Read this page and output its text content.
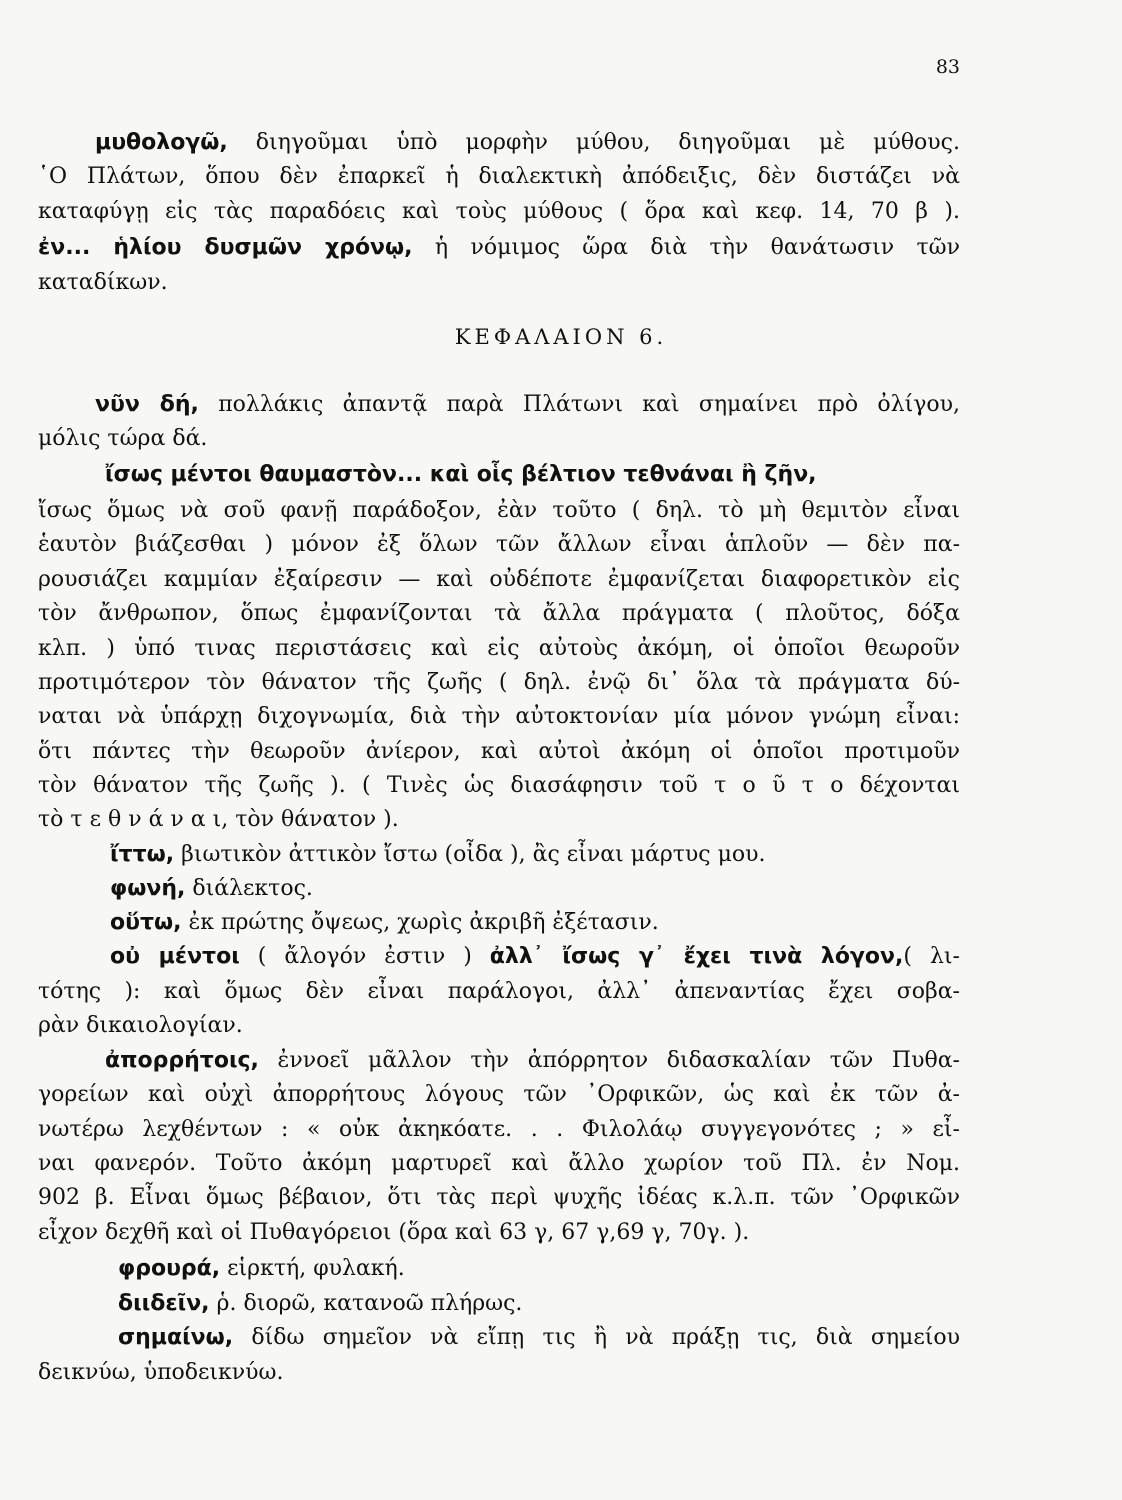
83
μυθολογῶ, διηγοῦμαι ὑπὸ μορφὴν μύθου, διηγοῦμαι μὲ μύθους.
῾Ο Πλάτων, ὅπου δὲν ἐπαρκεῖ ἡ διαλεκτικὴ ἀπόδειξις, δὲν διστάζει νὰ
καταφύγῃ εἰς τὰς παραδόεις καὶ τοὺς μύθους ( ὅρα καὶ κεφ. 14, 70 β ).
ἐν... ἡλίου δυσμῶν χρόνῳ, ἡ νόμιμος ὥρα διὰ τὴν θανάτωσιν τῶν
καταδίκων.
ΚΕΦΑΛΑΙΟΝ 6.
νῦν δή, πολλάκις ἀπαντᾷ παρὰ Πλάτωνι καὶ σημαίνει πρὸ ὀλίγου,
μόλις τώρα δά.
ἴσως μέντοι θαυμαστὸν... καὶ οἷς βέλτιον τεθνάναι ἢ ζῆν,
ἴσως ὅμως νὰ σοῦ φανῇ παράδοξον, ἐὰν τοῦτο ( δηλ. τὸ μὴ θεμιτὸν εἶναι
ἑαυτὸν βιάζεσθαι ) μόνον ἐξ ὅλων τῶν ἄλλων εἶναι ἁπλοῦν — δὲν πα-
ρουσιάζει καμμίαν ἐξαίρεσιν — καὶ οὐδέποτε ἐμφανίζεται διαφορετικὸν εἰς
τὸν ἄνθρωπον, ὅπως ἐμφανίζονται τὰ ἄλλα πράγματα ( πλοῦτος, δόξα
κλπ. ) ὑπό τινας περιστάσεις καὶ εἰς αὐτοὺς ἀκόμη, οἱ ὁποῖοι θεωροῦν
προτιμότερον τὸν θάνατον τῆς ζωῆς ( δηλ. ἐνῷ δι᾽ ὅλα τὰ πράγματα δύ-
ναται νὰ ὑπάρχῃ διχογνωμία, διὰ τὴν αὐτοκτονίαν μία μόνον γνώμη εἶναι:
ὅτι πάντες τὴν θεωροῦν ἀνίερον, καὶ αὐτοὶ ἀκόμη οἱ ὁποῖοι προτιμοῦν
τὸν θάνατον τῆς ζωῆς ). ( Τινὲς ὡς διασάφησιν τοῦ τ ο ῦ τ ο δέχονται
τὸ τ ε θ ν ά ν α ι, τὸν θάνατον ).
ἴττω, βιωτικὸν ἀττικὸν ἴστω (οἶδα ), ἂς εἶναι μάρτυς μου.
φωνή, διάλεκτος.
οὕτω, ἐκ πρώτης ὄψεως, χωρὶς ἀκριβῆ ἐξέτασιν.
οὐ μέντοι ( ἄλογόν ἐστιν ) ἀλλ᾽ ἴσως γ᾽ ἔχει τινὰ λόγον,( λι-
τότης ): καὶ ὅμως δὲν εἶναι παράλογοι, ἀλλ᾽ ἀπεναντίας ἔχει σοβα-
ρὰν δικαιολογίαν.
ἀπορρήτοις, ἐννοεῖ μᾶλλον τὴν ἀπόρρητον διδασκαλίαν τῶν Πυθα-
γορείων καὶ οὐχὶ ἀπορρήτους λόγους τῶν ᾽Ορφικῶν, ὡς καὶ ἐκ τῶν ἀ-
νωτέρω λεχθέντων : « οὐκ ἀκηκόατε. . . Φιλολάῳ συγγεγονότες ; » εἶ-
ναι φανερόν. Τοῦτο ἀκόμη μαρτυρεῖ καὶ ἄλλο χωρίον τοῦ Πλ. ἐν Νομ.
902 β. Εἶναι ὅμως βέβαιον, ὅτι τὰς περὶ ψυχῆς ἰδέας κ.λ.π. τῶν ᾽Ορφικῶν
εἶχον δεχθῆ καὶ οἱ Πυθαγόρειοι (ὅρα καὶ 63 γ, 67 γ,69 γ, 70γ. ).
φρουρά, εἱρκτή, φυλακή.
διιδεῖν, ῥ. διορῶ, κατανοῶ πλήρως.
σημαίνω, δίδω σημεῖον νὰ εἴπῃ τις ἢ νὰ πράξῃ τις, διὰ σημείου
δεικνύω, ὑποδεικνύω.
